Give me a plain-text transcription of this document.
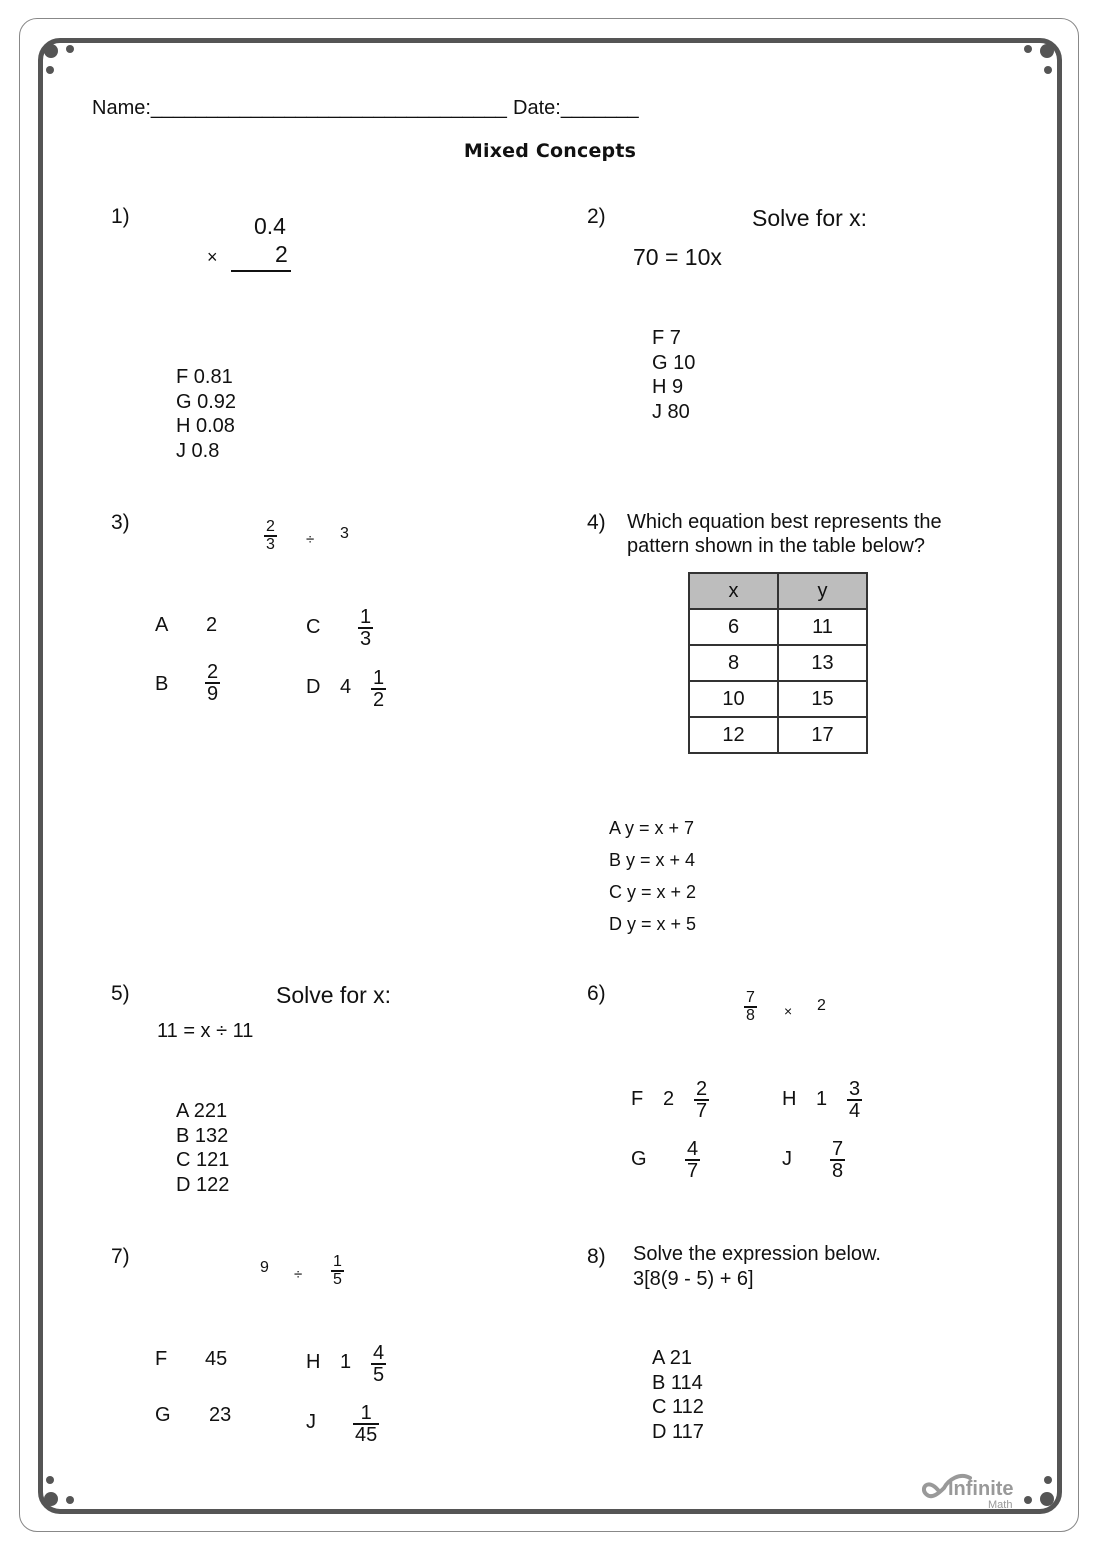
Name:________________________________ Date:_______
Mixed Concepts
1)	0.4
× 2
F 0.81
G 0.92
H 0.08
J 0.8
2)	Solve for x:
70 = 10x
F 7
G 10
H 9
J 80
3)	2
3 ÷ 3
A 2
B
2
9
C 1
3
D 4 1
2
4) Which equation best represents the
pattern shown in the table below?
x	y
6	11
8	13
10	15
12	17
A y = x + 7
B y = x + 4
C y = x + 2
D y = x + 5
5)	Solve for x:
11 = x ÷ 11
A 221
B 132
C 121
D 122
6)	7
8 × 2
F 2 2
7
G 4
7
H 1 3
4
J 7
8
7)	9 ÷
1
5
F 45
G 23
H 1 4
5
J 1
45
8) Solve the expression below.
3[8(9 - 5) + 6]
A 21
B 114
C 112
D 117
Infinite
Math
